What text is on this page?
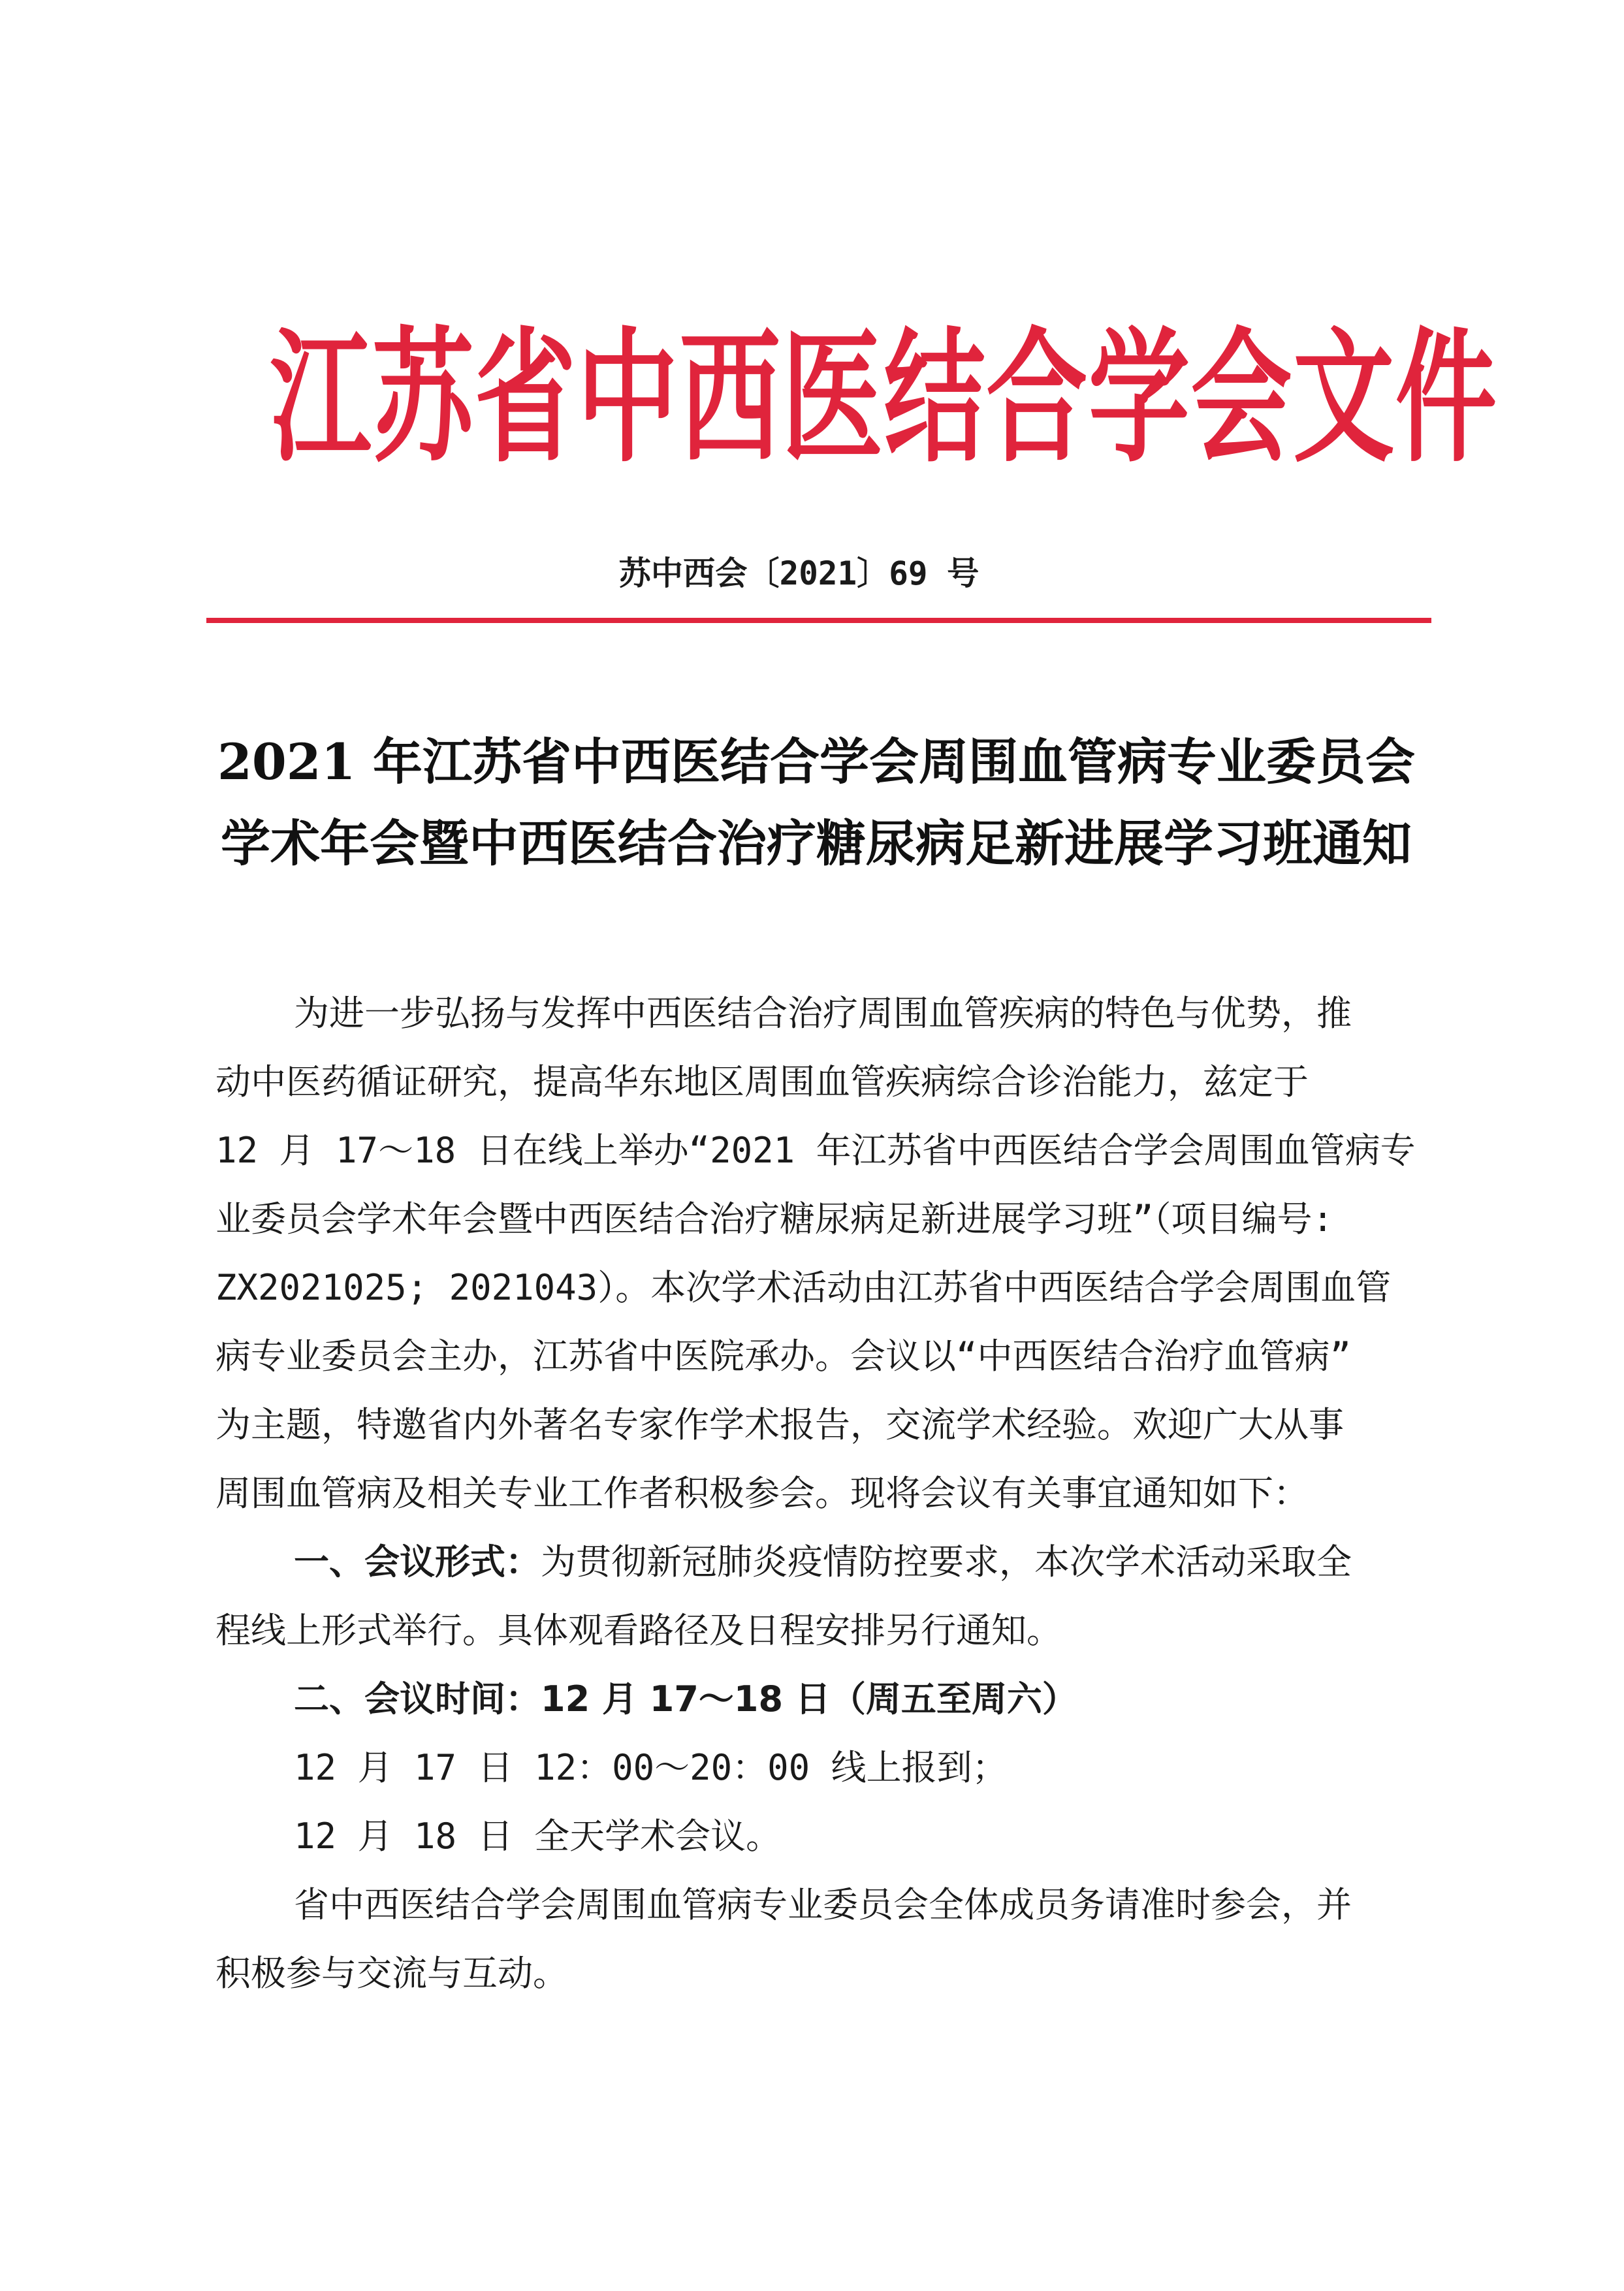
江苏省中西医结合学会文件
苏中西会〔2021〕69 号
2021 年江苏省中西医结合学会周围血管病专业委员会
学术年会暨中西医结合治疗糖尿病足新进展学习班通知
为进一步弘扬与发挥中西医结合治疗周围血管疾病的特色与优势，推
动中医药循证研究，提高华东地区周围血管疾病综合诊治能力，兹定于
12 月 17～18 日在线上举办“2021 年江苏省中西医结合学会周围血管病专
业委员会学术年会暨中西医结合治疗糖尿病足新进展学习班”（项目编号:
ZX2021025; 2021043）。本次学术活动由江苏省中西医结合学会周围血管
病专业委员会主办，江苏省中医院承办。会议以“中西医结合治疗血管病”
为主题，特邀省内外著名专家作学术报告，交流学术经验。欢迎广大从事
周围血管病及相关专业工作者积极参会。现将会议有关事宜通知如下：
一、会议形式：为贯彻新冠肺炎疫情防控要求，本次学术活动采取全
程线上形式举行。具体观看路径及日程安排另行通知。
二、会议时间：12 月 17～18 日（周五至周六）
12 月 17 日 12：00～20：00 线上报到；
12 月 18 日 全天学术会议。
省中西医结合学会周围血管病专业委员会全体成员务请准时参会，并
积极参与交流与互动。
